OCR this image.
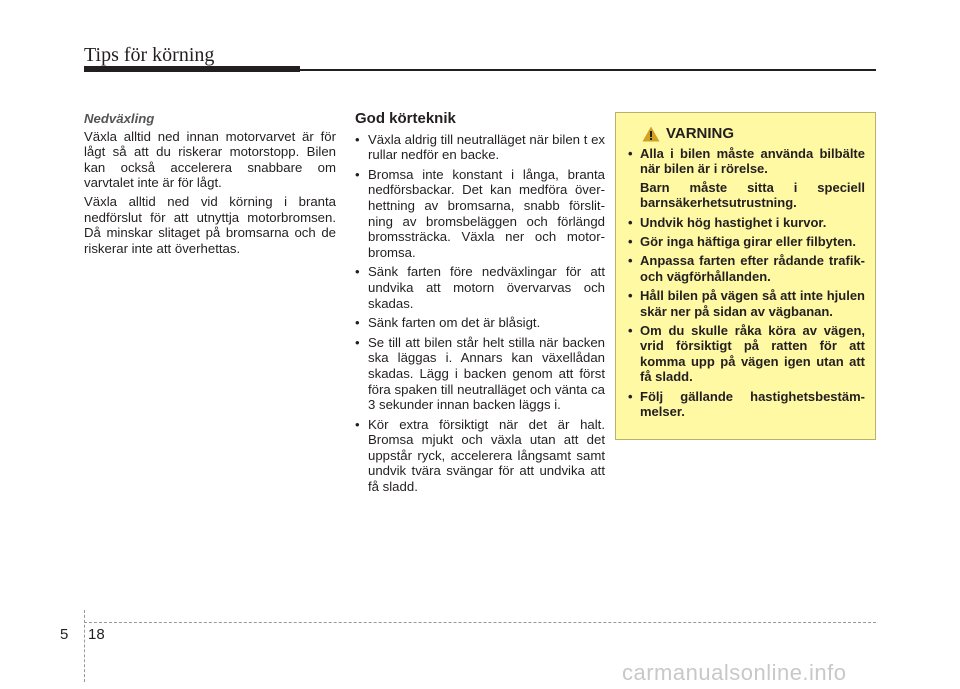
Tips för körning
Nedväxling

Växla alltid ned innan motorvarvet är för lågt så att du riskerar motorstopp. Bilen kan också accelerera snabbare om varvtalet inte är för lågt.

Växla alltid ned vid körning i branta nedförslut för att utnyttja motorbromsen. Då minskar slitaget på bromsarna och de riskerar inte att överhettas.

God körteknik
• Växla aldrig till neutralläget när bilen t ex rullar nedför en backe.
• Bromsa inte konstant i långa, branta nedförsbackar. Det kan medföra över-hettning av bromsarna, snabb förslit-ning av bromsbeläggen och förlängd bromssträcka. Växla ner och motor-bromsa.
• Sänk farten före nedväxlingar för att undvika att motorn övervarvas och skadas.
• Sänk farten om det är blåsigt.
• Se till att bilen står helt stilla när backen ska läggas i. Annars kan växellådan skadas. Lägg i backen genom att först föra spaken till neutralläget och vänta ca 3 sekunder innan backen läggs i.
• Kör extra försiktigt när det är halt. Bromsa mjukt och växla utan att det uppstår ryck, accelerera långsamt samt undvik tvära svängar för att undvika att få sladd.
VARNING
• Alla i bilen måste använda bilbälte när bilen är i rörelse.
Barn måste sitta i speciell barnsäkerhetsutrustning.
• Undvik hög hastighet i kurvor.
• Gör inga häftiga girar eller filbyten.
• Anpassa farten efter rådande trafik- och vägförhållanden.
• Håll bilen på vägen så att inte hjulen skär ner på sidan av vägbanan.
• Om du skulle råka köra av vägen, vrid försiktigt på ratten för att komma upp på vägen igen utan att få sladd.
• Följ gällande hastighetsbestäm-melser.
5 18
carmanualsonline.info
